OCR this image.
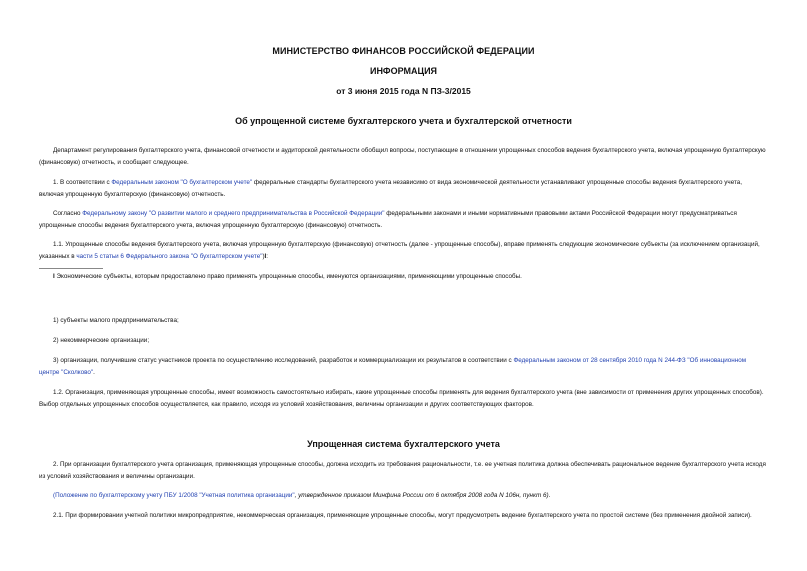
МИНИСТЕРСТВО ФИНАНСОВ РОССИЙСКОЙ ФЕДЕРАЦИИ
ИНФОРМАЦИЯ
от 3 июня 2015 года N ПЗ-3/2015
Об упрощенной системе бухгалтерского учета и бухгалтерской отчетности
Департамент регулирования бухгалтерского учета, финансовой отчетности и аудиторской деятельности обобщил вопросы, поступающие в отношении упрощенных способов ведения бухгалтерского учета, включая упрощенную бухгалтерскую (финансовую) отчетность, и сообщает следующее.
1. В соответствии с Федеральным законом "О бухгалтерском учете" федеральные стандарты бухгалтерского учета независимо от вида экономической деятельности устанавливают упрощенные способы ведения бухгалтерского учета, включая упрощенную бухгалтерскую (финансовую) отчетность.
Согласно Федеральному закону "О развитии малого и среднего предпринимательства в Российской Федерации" федеральными законами и иными нормативными правовыми актами Российской Федерации могут предусматриваться упрощенные способы ведения бухгалтерского учета, включая упрощенную бухгалтерскую (финансовую) отчетность.
1.1. Упрощенные способы ведения бухгалтерского учета, включая упрощенную бухгалтерскую (финансовую) отчетность (далее - упрощенные способы), вправе применять следующие экономические субъекты (за исключением организаций, указанных в части 5 статьи 6 Федерального закона "О бухгалтерском учете")I:
I Экономические субъекты, которым предоставлено право применять упрощенные способы, именуются организациями, применяющими упрощенные способы.
1) субъекты малого предпринимательства;
2) некоммерческие организации;
3) организации, получившие статус участников проекта по осуществлению исследований, разработок и коммерциализации их результатов в соответствии с Федеральным законом от 28 сентября 2010 года N 244-ФЗ "Об инновационном центре "Сколково".
1.2. Организация, применяющая упрощенные способы, имеет возможность самостоятельно избирать, какие упрощенные способы применять для ведения бухгалтерского учета (вне зависимости от применения других упрощенных способов). Выбор отдельных упрощенных способов осуществляется, как правило, исходя из условий хозяйствования, величины организации и других соответствующих факторов.
Упрощенная система бухгалтерского учета
2. При организации бухгалтерского учета организация, применяющая упрощенные способы, должна исходить из требования рациональности, т.е. ее учетная политика должна обеспечивать рациональное ведение бухгалтерского учета исходя из условий хозяйствования и величины организации.
(Положение по бухгалтерскому учету ПБУ 1/2008 "Учетная политика организации", утвержденное приказом Минфина России от 6 октября 2008 года N 106н, пункт 6).
2.1. При формировании учетной политики микропредприятие, некоммерческая организация, применяющие упрощенные способы, могут предусмотреть ведение бухгалтерского учета по простой системе (без применения двойной записи).
